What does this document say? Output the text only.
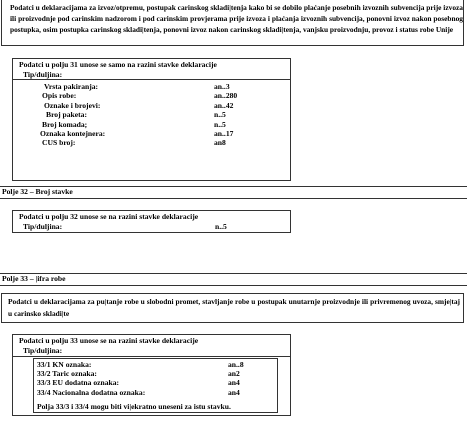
Podatci u deklaracijama za izvoz/otpremu, postupak carinskog skladi|tenja kako bi se dobilo plaćanje posebnih izvoznih subvencija prije izvoza ili proizvodnje pod carinskim nadzorom i pod carinskim provjerama prije izvoza i plaćanja izvoznih subvencija, ponovni izvoz nakon posebnog postupka, osim postupka carinskog skladi|tenja, ponovni izvoz nakon carinskog skladi|tenja, vanjsku proizvodnju, provoz i status robe Unije
Podatci u polju 31 unose se samo na razini stavke deklaracije
Tip/duljina:
Vrsta pakiranja:	an..3
Opis robe:	an..280
Oznake i brojevi:	an..42
Broj paketa:	n..5
Broj komada;	n..5
Oznaka kontejnera:	an..17
CUS broj:	an8
Polje 32 – Broj stavke
Podatci u polju 32 unose se na razini stavke deklaracije
Tip/duljina:	n..5
Polje 33 – |ifra robe
Podatci u deklaracijama za pu|tanje robe u slobodni promet, stavljanje robe u postupak unutarnje proizvodnje ili privremenog uvoza, smje|taj u carinsko skladi|te
Podatci u polju 33 unose se na razini stavke deklaracije
Tip/duljina:
33/1 KN oznaka:	an..8
33/2 Taric oznaka:	an2
33/3 EU dodatna oznaka:	an4
33/4 Nacionalna dodatna oznaka:	an4
Polja 33/3 i 33/4 mogu biti vi|ekratno uneseni za istu stavku.
